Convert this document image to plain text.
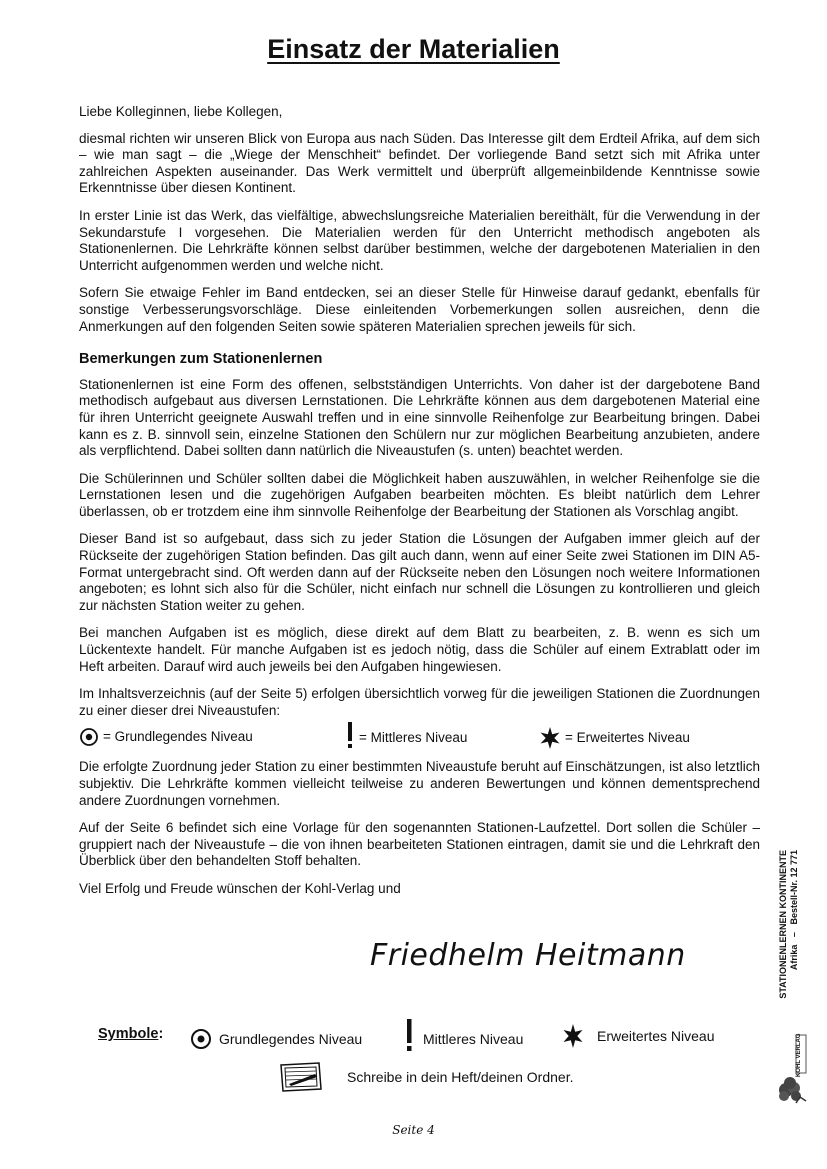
Einsatz der Materialien

Liebe Kolleginnen, liebe Kollegen,

diesmal richten wir unseren Blick von Europa aus nach Süden. Das Interesse gilt dem Erdteil Afrika, auf dem sich – wie man sagt – die „Wiege der Menschheit“ befindet. Der vorliegende Band setzt sich mit Afrika unter zahlreichen Aspekten auseinander. Das Werk vermittelt und überprüft allgemeinbildende Kenntnisse sowie Erkenntnisse über diesen Kontinent.

In erster Linie ist das Werk, das vielfältige, abwechslungsreiche Materialien bereithält, für die Verwendung in der Sekundarstufe I vorgesehen. Die Materialien werden für den Unterricht methodisch angeboten als Stationenlernen. Die Lehrkräfte können selbst darüber bestimmen, welche der dargebotenen Materialien in den Unterricht aufgenommen werden und welche nicht.

Sofern Sie etwaige Fehler im Band entdecken, sei an dieser Stelle für Hinweise darauf gedankt, ebenfalls für sonstige Verbesserungsvorschläge. Diese einleitenden Vorbemerkungen sollen ausreichen, denn die Anmerkungen auf den folgenden Seiten sowie späteren Materialien sprechen jeweils für sich.

Bemerkungen zum Stationenlernen

Stationenlernen ist eine Form des offenen, selbstständigen Unterrichts. Von daher ist der dargebotene Band methodisch aufgebaut aus diversen Lernstationen. Die Lehrkräfte können aus dem dargebotenen Material eine für ihren Unterricht geeignete Auswahl treffen und in eine sinnvolle Reihenfolge zur Bearbeitung bringen. Dabei kann es z. B. sinnvoll sein, einzelne Stationen den Schülern nur zur möglichen Bearbeitung anzubieten, andere als verpflichtend. Dabei sollten dann natürlich die Niveaustufen (s. unten) beachtet werden.

Die Schülerinnen und Schüler sollten dabei die Möglichkeit haben auszuwählen, in welcher Reihenfolge sie die Lernstationen lesen und die zugehörigen Aufgaben bearbeiten möchten. Es bleibt natürlich dem Lehrer überlassen, ob er trotzdem eine ihm sinnvolle Reihenfolge der Bearbeitung der Stationen als Vorschlag angibt.

Dieser Band ist so aufgebaut, dass sich zu jeder Station die Lösungen der Aufgaben immer gleich auf der Rückseite der zugehörigen Station befinden. Das gilt auch dann, wenn auf einer Seite zwei Stationen im DIN A5-Format untergebracht sind. Oft werden dann auf der Rückseite neben den Lösungen noch weitere Informationen angeboten; es lohnt sich also für die Schüler, nicht einfach nur schnell die Lösungen zu kontrollieren und gleich zur nächsten Station weiter zu gehen.

Bei manchen Aufgaben ist es möglich, diese direkt auf dem Blatt zu bearbeiten, z. B. wenn es sich um Lückentexte handelt. Für manche Aufgaben ist es jedoch nötig, dass die Schüler auf einem Extrablatt oder im Heft arbeiten. Darauf wird auch jeweils bei den Aufgaben hingewiesen.

Im Inhaltsverzeichnis (auf der Seite 5) erfolgen übersichtlich vorweg für die jeweiligen Stationen die Zuordnungen zu einer dieser drei Niveaustufen:

= Grundlegendes Niveau	= Mittleres Niveau	= Erweitertes Niveau

Die erfolgte Zuordnung jeder Station zu einer bestimmten Niveaustufe beruht auf Einschätzungen, ist also letztlich subjektiv. Die Lehrkräfte kommen vielleicht teilweise zu anderen Bewertungen und können dementsprechend andere Zuordnungen vornehmen.

Auf der Seite 6 befindet sich eine Vorlage für den sogenannten Stationen-Laufzettel. Dort sollen die Schüler – gruppiert nach der Niveaustufe – die von ihnen bearbeiteten Stationen eintragen, damit sie und die Lehrkraft den Überblick über den behandelten Stoff behalten.

Viel Erfolg und Freude wünschen der Kohl-Verlag und

Friedhelm Heitmann
Symbole:	Grundlegendes Niveau	Mittleres Niveau	Erweitertes Niveau
Schreibe in dein Heft/deinen Ordner.
STATIONENLERNEN KONTINENTE Afrika   –   Bestell-Nr. 12 771
KOHL VERLAG
Seite 4
